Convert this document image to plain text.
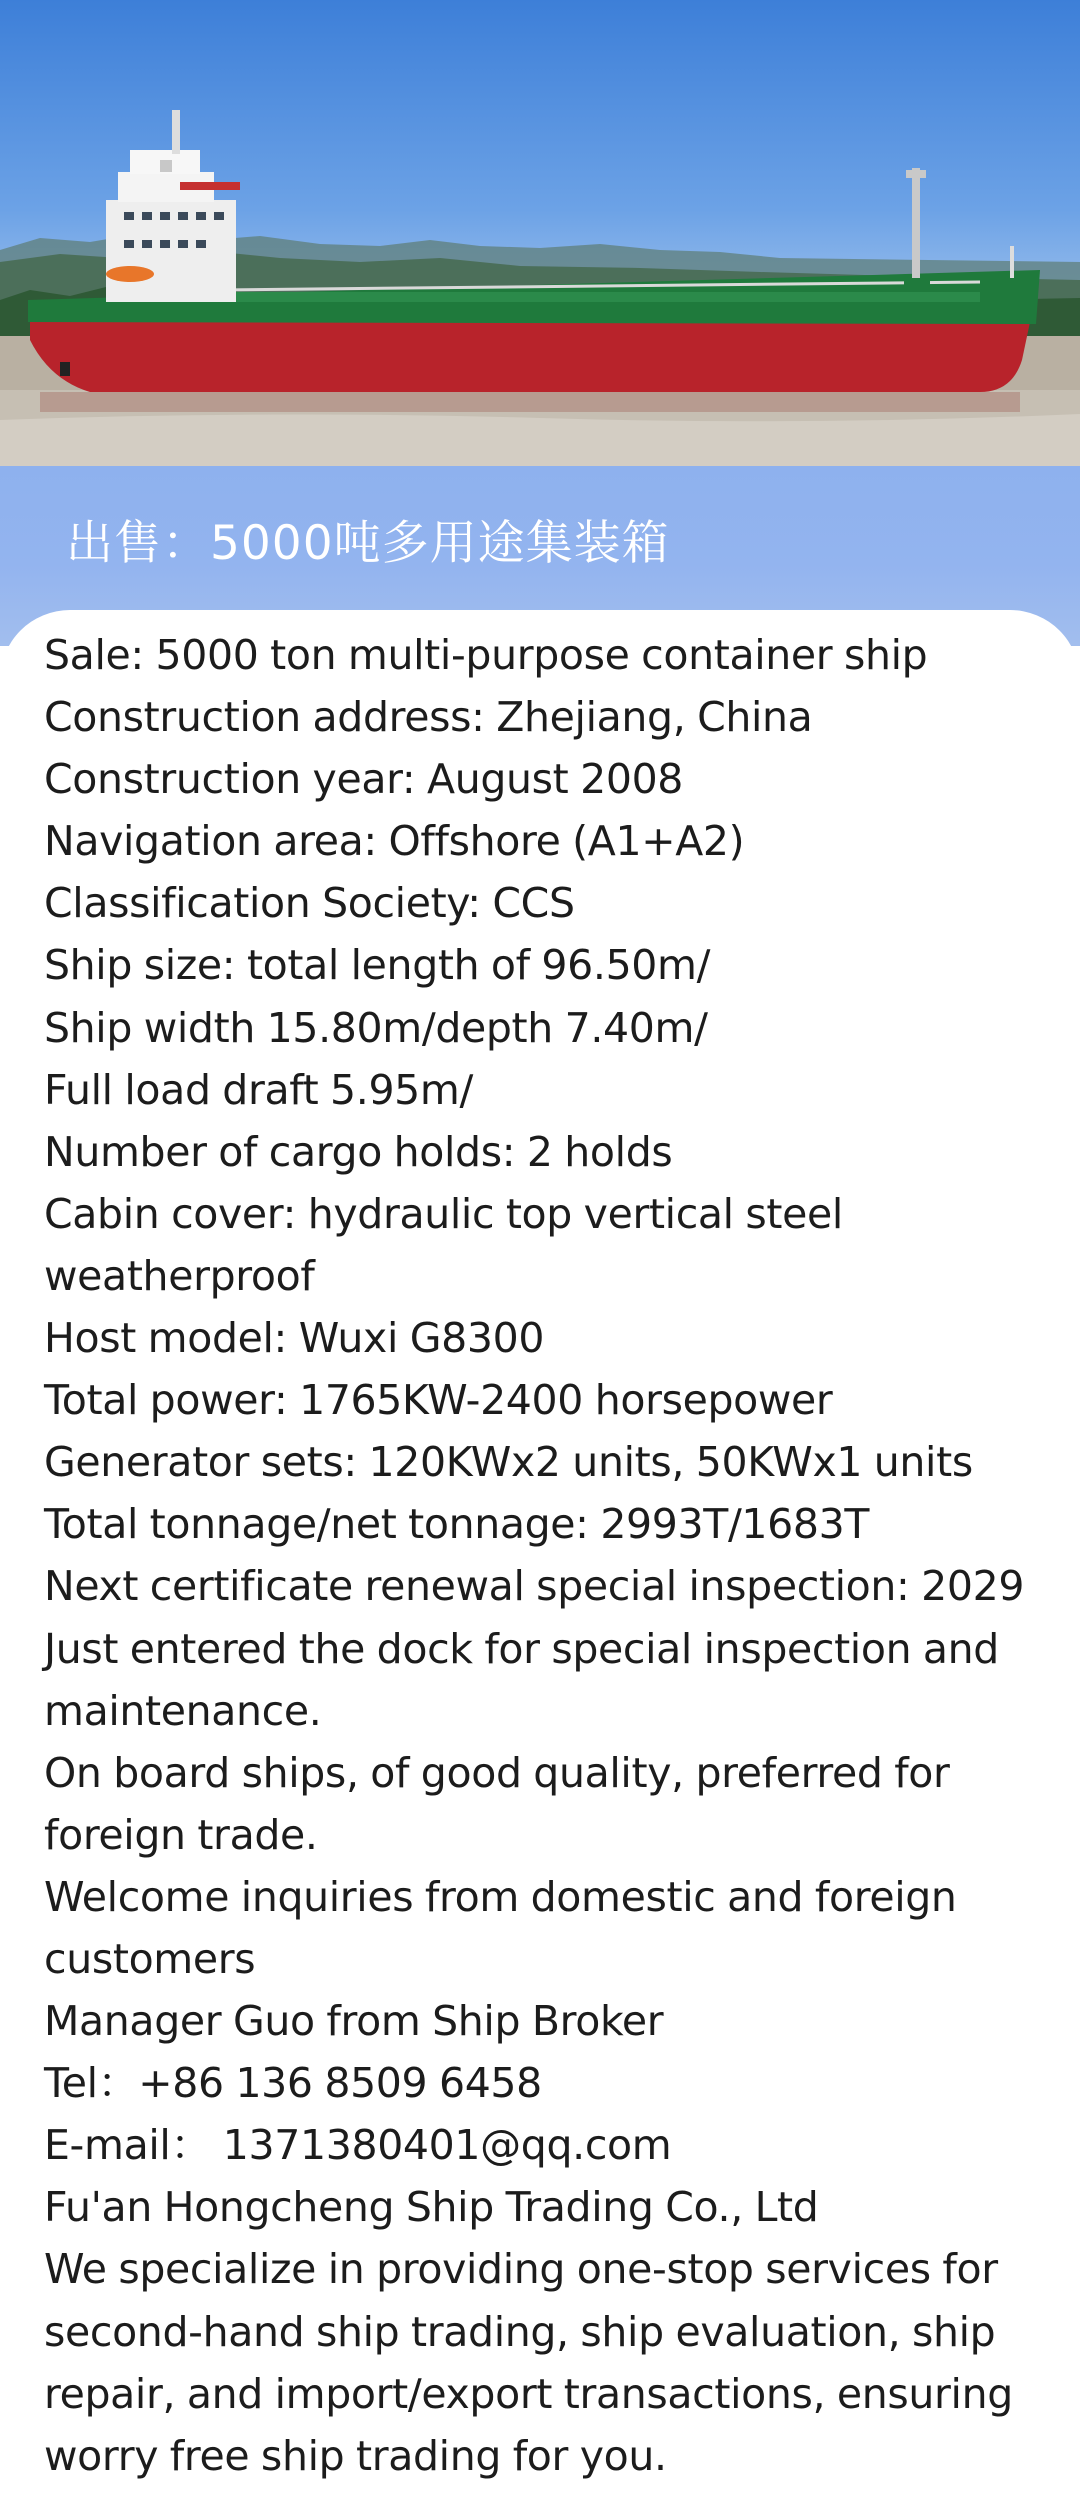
出售：5000吨多用途集装箱
Sale: 5000 ton multi-purpose container ship
Construction address: Zhejiang, China
Construction year: August 2008
Navigation area: Offshore (A1+A2)
Classification Society: CCS
Ship size: total length of 96.50m/
Ship width 15.80m/depth 7.40m/
Full load draft 5.95m/
Number of cargo holds: 2 holds
Cabin cover: hydraulic top vertical steel weatherproof
Host model: Wuxi G8300
Total power: 1765KW-2400 horsepower
Generator sets: 120KWx2 units, 50KWx1 units
Total tonnage/net tonnage: 2993T/1683T
Next certificate renewal special inspection: 2029
Just entered the dock for special inspection and maintenance.
On board ships, of good quality, preferred for foreign trade.
Welcome inquiries from domestic and foreign customers
Manager Guo from Ship Broker
Tel：+86 136 8509 6458
E-mail： 1371380401@qq.com
Fu'an Hongcheng Ship Trading Co., Ltd
We specialize in providing one-stop services for second-hand ship trading, ship evaluation, ship repair, and import/export transactions, ensuring worry free ship trading for you.
